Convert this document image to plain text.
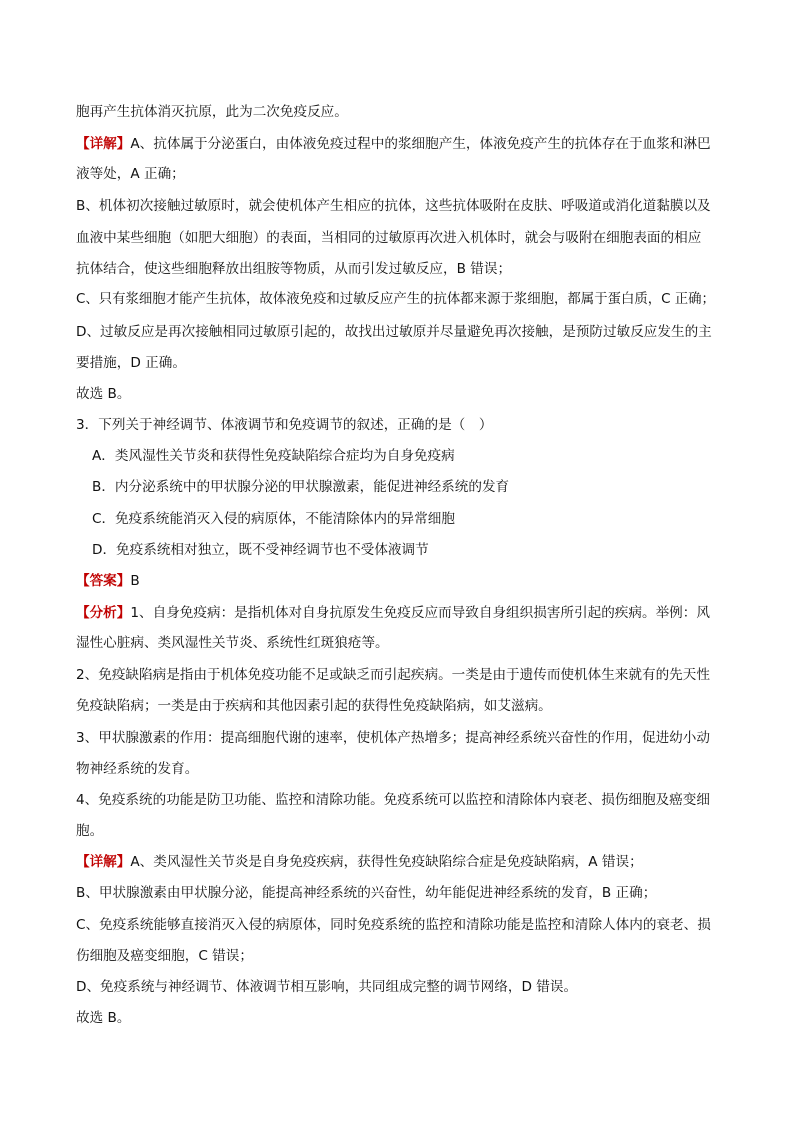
胞再产生抗体消灭抗原，此为二次免疫反应。

【详解】A、抗体属于分泌蛋白，由体液免疫过程中的浆细胞产生，体液免疫产生的抗体存在于血浆和淋巴

液等处，A 正确；

B、机体初次接触过敏原时，就会使机体产生相应的抗体，这些抗体吸附在皮肤、呼吸道或消化道黏膜以及

血液中某些细胞（如肥大细胞）的表面，当相同的过敏原再次进入机体时，就会与吸附在细胞表面的相应

抗体结合，使这些细胞释放出组胺等物质，从而引发过敏反应，B 错误；

C、只有浆细胞才能产生抗体，故体液免疫和过敏反应产生的抗体都来源于浆细胞，都属于蛋白质，C 正确；

D、过敏反应是再次接触相同过敏原引起的，故找出过敏原并尽量避免再次接触，是预防过敏反应发生的主

要措施，D 正确。

故选 B。

3．下列关于神经调节、体液调节和免疫调节的叙述，正确的是（　）

A．类风湿性关节炎和获得性免疫缺陷综合症均为自身免疫病

B．内分泌系统中的甲状腺分泌的甲状腺激素，能促进神经系统的发育

C．免疫系统能消灭入侵的病原体，不能清除体内的异常细胞

D．免疫系统相对独立，既不受神经调节也不受体液调节

【答案】B

【分析】1、自身免疫病：是指机体对自身抗原发生免疫反应而导致自身组织损害所引起的疾病。举例：风

湿性心脏病、类风湿性关节炎、系统性红斑狼疮等。

2、免疫缺陷病是指由于机体免疫功能不足或缺乏而引起疾病。一类是由于遗传而使机体生来就有的先天性

免疫缺陷病；一类是由于疾病和其他因素引起的获得性免疫缺陷病，如艾滋病。

3、甲状腺激素的作用：提高细胞代谢的速率，使机体产热增多；提高神经系统兴奋性的作用，促进幼小动

物神经系统的发育。

4、免疫系统的功能是防卫功能、监控和清除功能。免疫系统可以监控和清除体内衰老、损伤细胞及癌变细

胞。

【详解】A、类风湿性关节炎是自身免疫疾病，获得性免疫缺陷综合症是免疫缺陷病，A 错误；

B、甲状腺激素由甲状腺分泌，能提高神经系统的兴奋性，幼年能促进神经系统的发育，B 正确；

C、免疫系统能够直接消灭入侵的病原体，同时免疫系统的监控和清除功能是监控和清除人体内的衰老、损

伤细胞及癌变细胞，C 错误；

D、免疫系统与神经调节、体液调节相互影响，共同组成完整的调节网络，D 错误。

故选 B。
